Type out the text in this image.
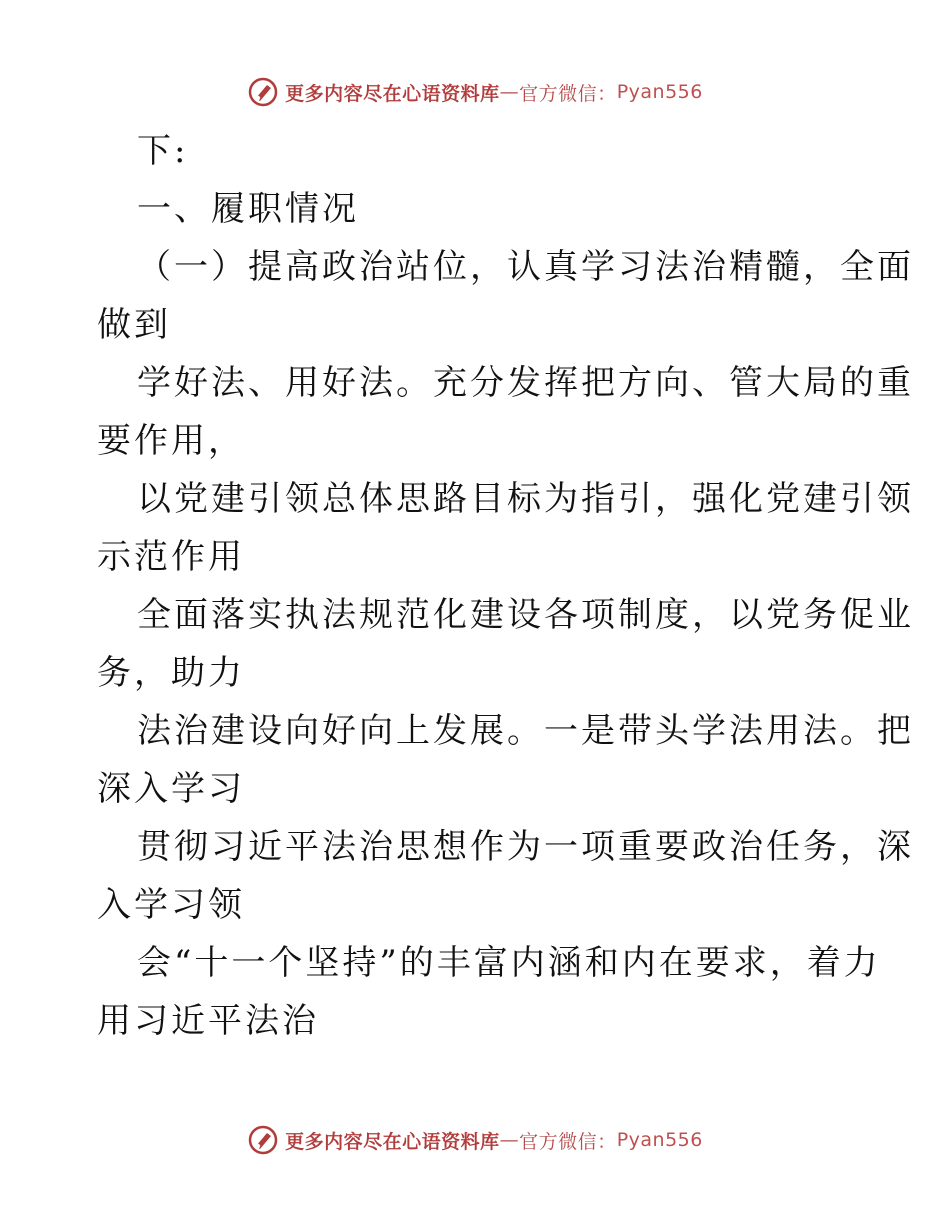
更多内容尽在心语资料库 — 官方微信： Pyan556
下:
一、履职情况
（一）提高政治站位，认真学习法治精髓，全面
做到
学好法、用好法。充分发挥把方向、管大局的重
要作用，
以党建引领总体思路目标为指引，强化党建引领
示范作用
全面落实执法规范化建设各项制度，以党务促业
务，助力
法治建设向好向上发展。一是带头学法用法。把
深入学习
贯彻习近平法治思想作为一项重要政治任务，深
入学习领
会“十一个坚持”的丰富内涵和内在要求，着力
用习近平法治
更多内容尽在心语资料库 — 官方微信： Pyan556
